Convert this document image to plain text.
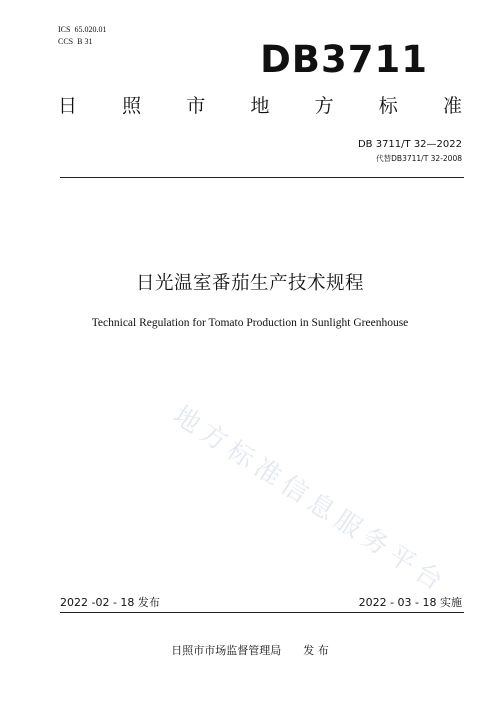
ICS 65.020.01
CCS B 31	DB3711
日 照 市 地 方 标 准
DB 3711/T 32—2022
代替DB3711/T 32-2008
日光温室番茄生产技术规程
Technical Regulation for Tomato Production in Sunlight Greenhouse
地方标准信息服务平台
2022 -02 - 18 发布	2022 - 03 - 18 实施
日照市市场监督管理局 发 布
